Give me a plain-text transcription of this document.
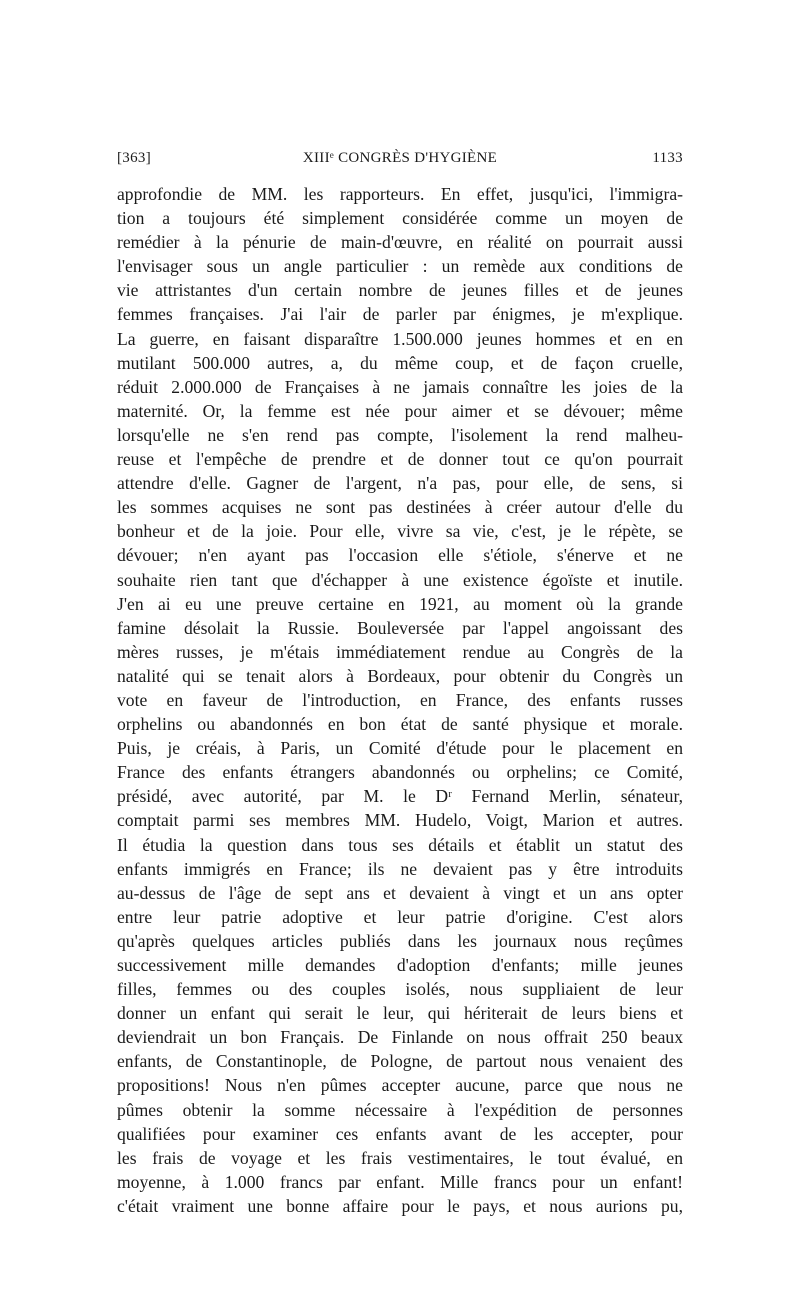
[363]	XIIIᵉ CONGRÈS D'HYGIÈNE	1133
approfondie de MM. les rapporteurs. En effet, jusqu'ici, l'immigra-
tion a toujours été simplement considérée comme un moyen de
remédier à la pénurie de main-d'œuvre, en réalité on pourrait aussi
l'envisager sous un angle particulier : un remède aux conditions de
vie attristantes d'un certain nombre de jeunes filles et de jeunes
femmes françaises. J'ai l'air de parler par énigmes, je m'explique.
La guerre, en faisant disparaître 1.500.000 jeunes hommes et en en
mutilant 500.000 autres, a, du même coup, et de façon cruelle,
réduit 2.000.000 de Françaises à ne jamais connaître les joies de la
maternité. Or, la femme est née pour aimer et se dévouer; même
lorsqu'elle ne s'en rend pas compte, l'isolement la rend malheu-
reuse et l'empêche de prendre et de donner tout ce qu'on pourrait
attendre d'elle. Gagner de l'argent, n'a pas, pour elle, de sens, si
les sommes acquises ne sont pas destinées à créer autour d'elle du
bonheur et de la joie. Pour elle, vivre sa vie, c'est, je le répète, se
dévouer; n'en ayant pas l'occasion elle s'étiole, s'énerve et ne
souhaite rien tant que d'échapper à une existence égoïste et inutile.
J'en ai eu une preuve certaine en 1921, au moment où la grande
famine désolait la Russie. Bouleversée par l'appel angoissant des
mères russes, je m'étais immédiatement rendue au Congrès de la
natalité qui se tenait alors à Bordeaux, pour obtenir du Congrès un
vote en faveur de l'introduction, en France, des enfants russes
orphelins ou abandonnés en bon état de santé physique et morale.
Puis, je créais, à Paris, un Comité d'étude pour le placement en
France des enfants étrangers abandonnés ou orphelins; ce Comité,
présidé, avec autorité, par M. le Dʳ Fernand Merlin, sénateur,
comptait parmi ses membres MM. Hudelo, Voigt, Marion et autres.
Il étudia la question dans tous ses détails et établit un statut des
enfants immigrés en France; ils ne devaient pas y être introduits
au-dessus de l'âge de sept ans et devaient à vingt et un ans opter
entre leur patrie adoptive et leur patrie d'origine. C'est alors
qu'après quelques articles publiés dans les journaux nous reçûmes
successivement mille demandes d'adoption d'enfants; mille jeunes
filles, femmes ou des couples isolés, nous suppliaient de leur
donner un enfant qui serait le leur, qui hériterait de leurs biens et
deviendrait un bon Français. De Finlande on nous offrait 250 beaux
enfants, de Constantinople, de Pologne, de partout nous venaient des
propositions! Nous n'en pûmes accepter aucune, parce que nous ne
pûmes obtenir la somme nécessaire à l'expédition de personnes
qualifiées pour examiner ces enfants avant de les accepter, pour
les frais de voyage et les frais vestimentaires, le tout évalué, en
moyenne, à 1.000 francs par enfant. Mille francs pour un enfant!
c'était vraiment une bonne affaire pour le pays, et nous aurions pu,
